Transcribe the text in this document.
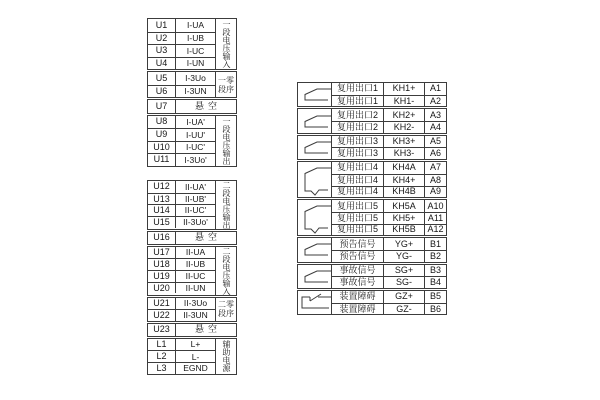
U1	I-UA
U2	I-UB
U3	I-UC
U4	I-UN	一段电压输入
U5	I-3Uo
U6	I-3UN
一零
段序
U7	悬空
U8	I-UA'
U9	I-UU'
U10	I-UC'
U11	I-3Uo'	一段电压输出
U12	II-UA'
U13	II-UB'
U14	II-UC'
U15	II-3Uo'	二段电压输出
U16	悬空
U17	II-UA
U18	II-UB
U19	II-UC
U20	II-UN	二段电压输入
U21	II-3Uo
U22	II-3UN
二零
段序
U23	悬空
L1	L+
L2	L-
L3	EGND	辅助电源
复用出口1	KH1+	A1
复用出口1	KH1-	A2
复用出口2	KH2+	A3
复用出口2	KH2-	A4
复用出口3	KH3+	A5
复用出口3	KH3-	A6
复用出口4	KH4A	A7
复用出口4	KH4+	A8
复用出口4	KH4B	A9
复用出口5	KH5A	A10
复用出口5	KH5+	A11
复用出口5	KH5B	A12
预告信号	YG+	B1
预告信号	YG-	B2
事故信号	SG+	B3
事故信号	SG-	B4
装置障碍	GZ+	B5
装置障碍	GZ-	B6
